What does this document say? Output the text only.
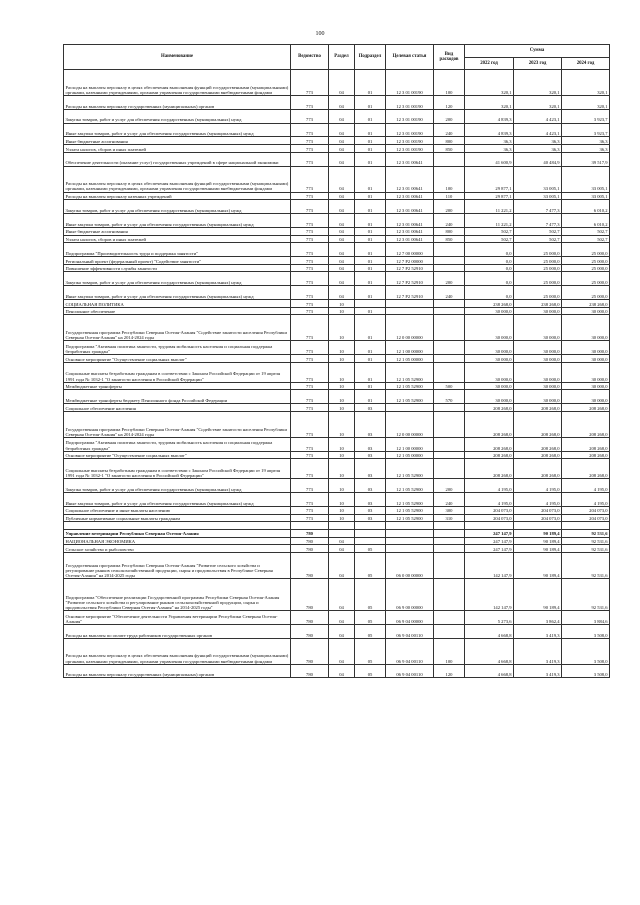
100
Наименование	Ведомство	Раздел	Подраздел	Целевая статья	Вид расходов	Сумма		
						2022 год	2023 год	2024 год
Расходы на выплаты персоналу в целях обеспечения выполнения функций государственными (муниципальными) органами, казенными учреждениями, органами управления государственными внебюджетными фондами	773	04	01	12 3 01 00190	100	320,1	320,1	320,1
Расходы на выплаты персоналу государственных (муниципальных) органов	773	04	01	12 3 01 00190	120	320,1	320,1	320,1
Закупка товаров, работ и услуг для обеспечения государственных (муниципальных) нужд	773	04	01	12 3 01 00190	200	4 839,3	4 423,1	3 923,7
Иные закупки товаров, работ и услуг для обеспечения государственных (муниципальных) нужд	773	04	01	12 3 01 00190	240	4 839,3	4 423,1	3 923,7
Иные бюджетные ассигнования	773	04	01	12 3 01 00190	800	36,3	36,3	36,3
Уплата налогов, сборов и иных платежей	773	04	01	12 3 01 00190	850	36,3	36,3	36,3
Обеспечение деятельности (оказание услуг) государственных учреждений в сфере национальной экономики	773	04	01	12 3 01 00641		41 600,9	40 484,9	39 517,9
Расходы на выплаты персоналу в целях обеспечения выполнения функций государственными (муниципальными) органами, казенными учреждениями, органами управления государственными внебюджетными фондами	773	04	01	12 3 01 00641	100	29 877,1	33 005,1	33 005,1
Расходы на выплаты персоналу казенных учреждений	773	04	01	12 3 01 00641	110	29 877,1	33 005,1	33 005,1
Закупка товаров, работ и услуг для обеспечения государственных (муниципальных) нужд	773	04	01	12 3 01 00641	200	11 221,2	7 477,3	6 010,2
Иные закупки товаров, работ и услуг для обеспечения государственных (муниципальных) нужд	773	04	01	12 3 01 00641	240	11 221,2	7 477,3	6 010,2
Иные бюджетные ассигнования	773	04	01	12 3 01 00641	800	502,7	502,7	502,7
Уплата налогов, сборов и иных платежей	773	04	01	12 3 01 00641	850	502,7	502,7	502,7
Подпрограмма "Производительность труда и поддержка занятости"	773	04	01	12 7 00 00000		0,0	25 000,0	25 000,0
Региональный проект (федеральный проект) "Содействие занятости"	773	04	01	12 7 P2 00000		0,0	25 000,0	25 000,0
Повышение эффективности службы занятости	773	04	01	12 7 P2 52910		0,0	25 000,0	25 000,0
Закупка товаров, работ и услуг для обеспечения государственных (муниципальных) нужд	773	04	01	12 7 P2 52910	200	0,0	25 000,0	25 000,0
Иные закупки товаров, работ и услуг для обеспечения государственных (муниципальных) нужд	773	04	01	12 7 P2 52910	240	0,0	25 000,0	25 000,0
СОЦИАЛЬНАЯ ПОЛИТИКА	773	10				238 268,0	238 268,0	238 268,0
Пенсионное обеспечение	773	10	01			30 000,0	30 000,0	30 000,0
Государственная программа Республики Северная Осетия-Алания "Содействие занятости населения Республики Северная Осетия-Алания" на 2014-2024 годы	773	10	01	12 0 00 00000		30 000,0	30 000,0	30 000,0
Подпрограмма "Активная политика занятости, трудовая мобильность населения и социальная поддержка безработных граждан"	773	10	01	12 1 00 00000		30 000,0	30 000,0	30 000,0
Основное мероприятие "Осуществление социальных выплат"	773	10	01	12 1 05 00000		30 000,0	30 000,0	30 000,0
Социальные выплаты безработным гражданам в соответствии с Законом Российской Федерации от 19 апреля 1991 года № 1032-1 "О занятости населения в Российской Федерации"	773	10	01	12 1 05 52900		30 000,0	30 000,0	30 000,0
Межбюджетные трансферты	773	10	01	12 1 05 52900	500	30 000,0	30 000,0	30 000,0
Межбюджетные трансферты бюджету Пенсионного фонда Российской Федерации	773	10	01	12 1 05 52900	570	30 000,0	30 000,0	30 000,0
Социальное обеспечение населения	773	10	03			208 268,0	208 268,0	208 268,0
Государственная программа Республики Северная Осетия-Алания "Содействие занятости населения Республики Северная Осетия-Алания" на 2014-2024 годы	773	10	03	12 0 00 00000		208 268,0	208 268,0	208 268,0
Подпрограмма "Активная политика занятости, трудовая мобильность населения и социальная поддержка безработных граждан"	773	10	03	12 1 00 00000		208 268,0	208 268,0	208 268,0
Основное мероприятие "Осуществление социальных выплат"	773	10	03	12 1 05 00000		208 268,0	208 268,0	208 268,0
Социальные выплаты безработным гражданам в соответствии с Законом Российской Федерации от 19 апреля 1991 года № 1032-1 "О занятости населения в Российской Федерации"	773	10	03	12 1 05 52900		208 268,0	208 268,0	208 268,0
Закупка товаров, работ и услуг для обеспечения государственных (муниципальных) нужд	773	10	03	12 1 05 52900	200	4 195,0	4 195,0	4 195,0
Иные закупки товаров, работ и услуг для обеспечения государственных (муниципальных) нужд	773	10	03	12 1 05 52900	240	4 195,0	4 195,0	4 195,0
Социальное обеспечение и иные выплаты населению	773	10	03	12 1 05 52900	300	204 073,0	204 073,0	204 073,0
Публичные нормативные социальные выплаты гражданам	773	10	03	12 1 05 52900	310	204 073,0	204 073,0	204 073,0

Управление ветеринарии Республики Северная Осетия-Алания	780					247 147,9	90 189,4	92 531,6
НАЦИОНАЛЬНАЯ ЭКОНОМИКА	780	04				247 147,9	90 189,4	92 531,6
Сельское хозяйство и рыболовство	780	04	05			247 147,9	90 189,4	92 531,6
Государственная программа Республики Северная Осетия-Алания "Развитие сельского хозяйства и регулирование рынков сельскохозяйственной продукции, сырья и продовольствия в Республике Северная Осетия-Алания" на 2014-2025 годы	780	04	05	06 0 00 00000		142 147,9	90 189,4	92 531,6
Подпрограмма "Обеспечение реализации Государственной программы Республики Северная Осетия-Алания "Развитие сельского хозяйства и регулирование рынков сельскохозяйственной продукции, сырья и продовольствия Республики Северная Осетия-Алания" на 2014-2025 годы"	780	04	05	06 9 00 00000		142 147,9	90 189,4	92 531,6
Основное мероприятие "Обеспечение деятельности Управления ветеринарии Республики Северная Осетия-Алания"	780	04	05	06 9 04 00000		5 273,6	3 862,4	3 884,6
Расходы на выплаты по оплате труда работников государственных органов	780	04	05	06 9 04 00110		4 668,8	3 419,3	3 508,0
Расходы на выплаты персоналу в целях обеспечения выполнения функций государственными (муниципальными) органами, казенными учреждениями, органами управления государственными внебюджетными фондами	780	04	05	06 9 04 00110	100	4 668,8	3 419,3	3 508,0
Расходы на выплаты персоналу государственных (муниципальных) органов	780	04	05	06 9 04 00110	120	4 668,8	3 419,3	3 508,0
